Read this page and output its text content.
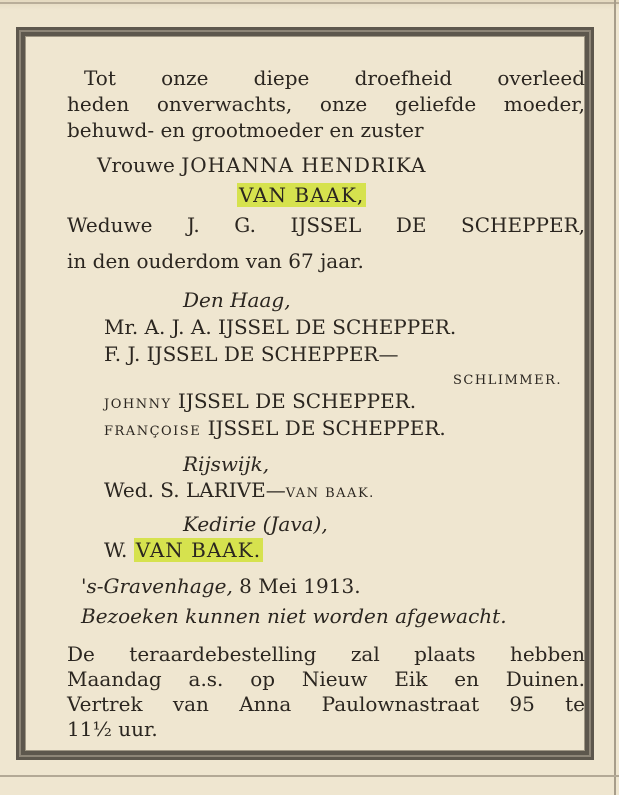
Tot onze diepe droefheid overleed
heden onverwachts, onze geliefde moeder,
behuwd- en grootmoeder en zuster
Vrouwe JOHANNA HENDRIKA
VAN BAAK,
Weduwe J. G. IJSSEL DE SCHEPPER,
in den ouderdom van 67 jaar.
Den Haag,
Mr. A. J. A. IJSSEL DE SCHEPPER.
F. J. IJSSEL DE SCHEPPER—
SCHLIMMER.
JOHNNY IJSSEL DE SCHEPPER.
FRANÇOISE IJSSEL DE SCHEPPER.
Rijswijk,
Wed. S. LARIVE—VAN BAAK.
Kedirie (Java),
W. VAN BAAK.
's-Gravenhage, 8 Mei 1913.
Bezoeken kunnen niet worden afgewacht.
De teraardebestelling zal plaats hebben
Maandag a.s. op Nieuw Eik en Duinen.
Vertrek van Anna Paulownastraat 95 te
11½ uur.
